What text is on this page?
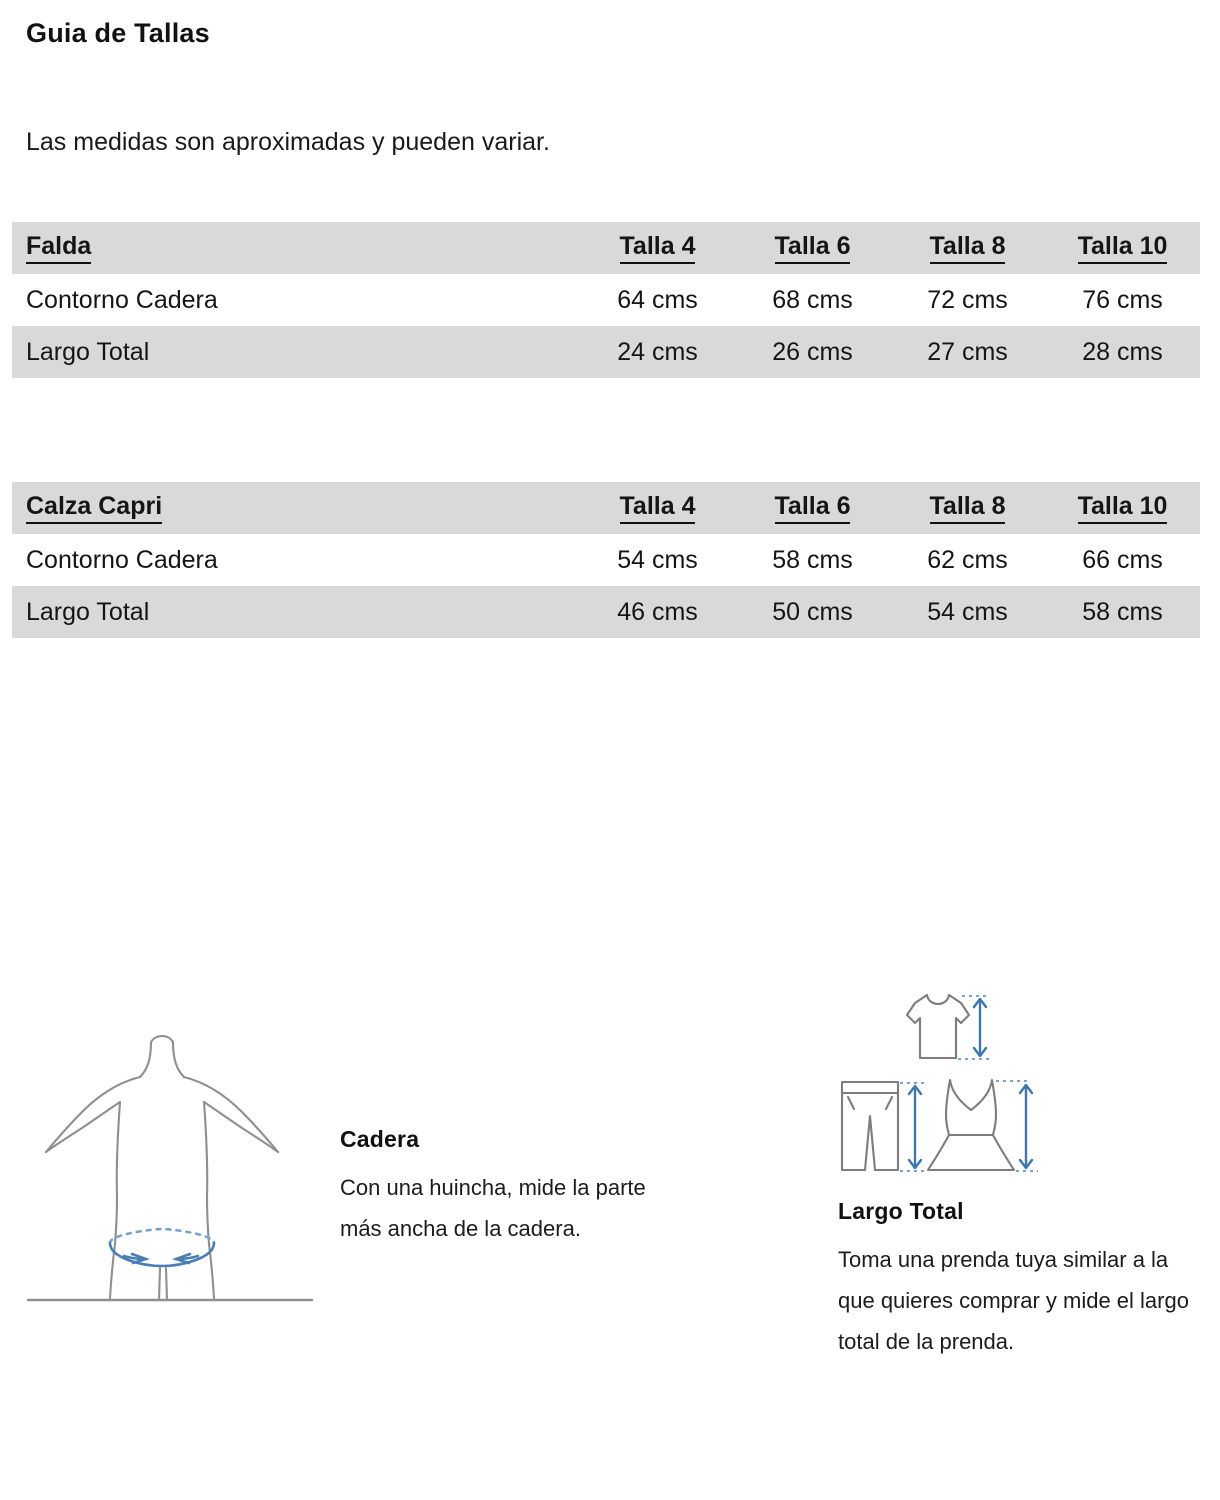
Guia de Tallas
Las medidas son aproximadas y pueden variar.
Falda	Talla 4	Talla 6	Talla 8	Talla 10
Contorno Cadera	64 cms	68 cms	72 cms	76 cms
Largo Total	24 cms	26 cms	27 cms	28 cms
Calza Capri	Talla 4	Talla 6	Talla 8	Talla 10
Contorno Cadera	54 cms	58 cms	62 cms	66 cms
Largo Total	46 cms	50 cms	54 cms	58 cms
Cadera
Con una huincha, mide la parte más ancha de la cadera.
Largo Total
Toma una prenda tuya similar a la que quieres comprar y mide el largo total de la prenda.
